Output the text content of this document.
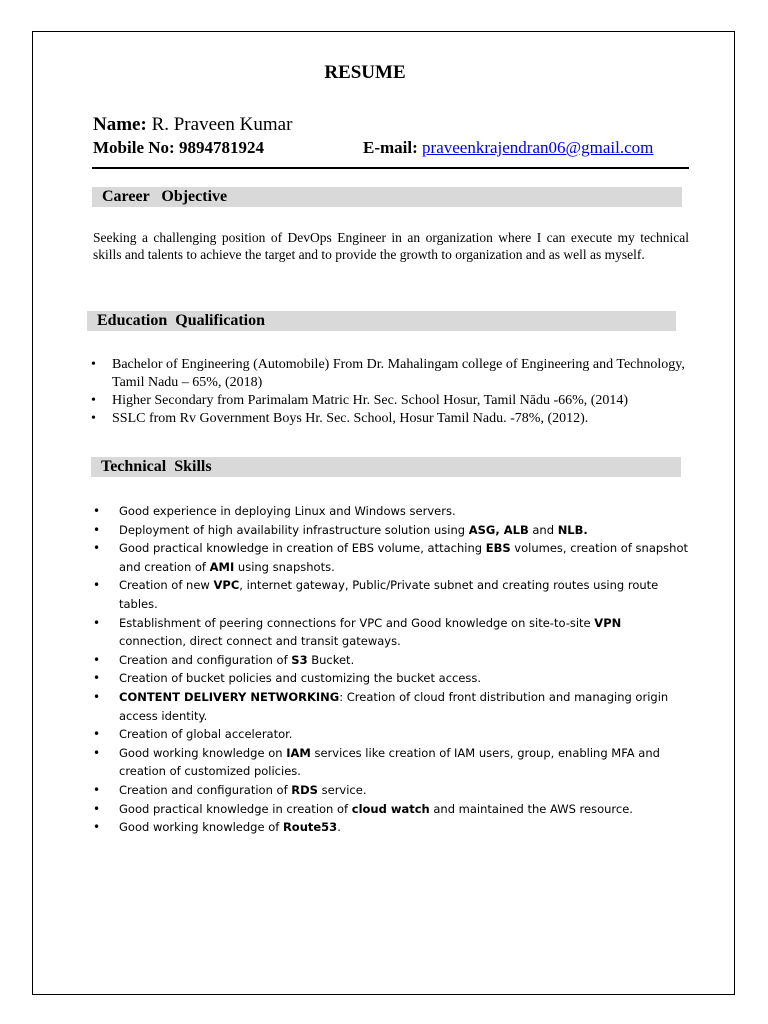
RESUME
Name: R. Praveen Kumar
Mobile No: 9894781924	E-mail: praveenkrajendran06@gmail.com
Career   Objective
Seeking a challenging position of DevOps Engineer in an organization where I can execute my technical skills and talents to achieve the target and to provide the growth to organization and as well as myself.
Education  Qualification
• Bachelor of Engineering (Automobile) From Dr. Mahalingam college of Engineering and Technology, Tamil Nadu – 65%, (2018)
• Higher Secondary from Parimalam Matric Hr. Sec. School Hosur, Tamil Nādu -66%, (2014)
• SSLC from Rv Government Boys Hr. Sec. School, Hosur Tamil Nadu. -78%, (2012).
Technical  Skills
• Good experience in deploying Linux and Windows servers.
• Deployment of high availability infrastructure solution using ASG, ALB and NLB.
• Good practical knowledge in creation of EBS volume, attaching EBS volumes, creation of snapshot and creation of AMI using snapshots.
• Creation of new VPC, internet gateway, Public/Private subnet and creating routes using route tables.
• Establishment of peering connections for VPC and Good knowledge on site-to-site VPN connection, direct connect and transit gateways.
• Creation and configuration of S3 Bucket.
• Creation of bucket policies and customizing the bucket access.
• CONTENT DELIVERY NETWORKING: Creation of cloud front distribution and managing origin access identity.
• Creation of global accelerator.
• Good working knowledge on IAM services like creation of IAM users, group, enabling MFA and creation of customized policies.
• Creation and configuration of RDS service.
• Good practical knowledge in creation of cloud watch and maintained the AWS resource.
• Good working knowledge of Route53.
